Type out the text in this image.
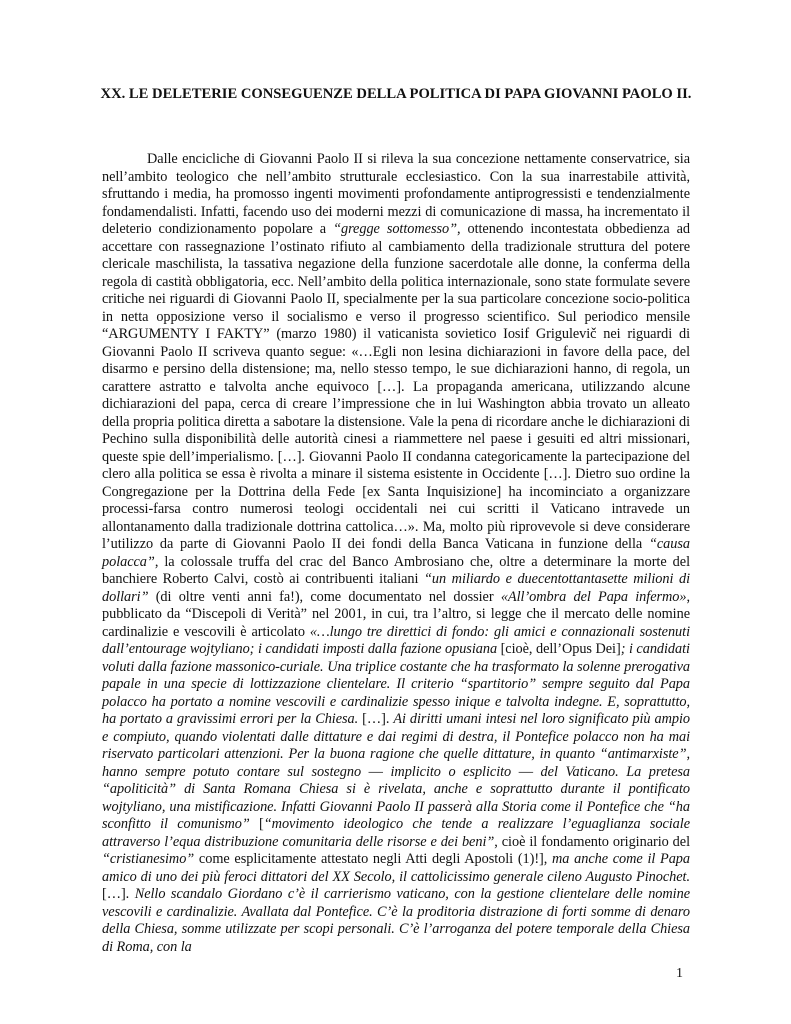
XX. LE DELETERIE CONSEGUENZE DELLA POLITICA DI PAPA GIOVANNI PAOLO II.

Dalle encicliche di Giovanni Paolo II si rileva la sua concezione nettamente conservatrice, sia nell’ambito teologico che nell’ambito strutturale ecclesiastico. Con la sua inarrestabile attività, sfruttando i media, ha promosso ingenti movimenti profondamente antiprogressisti e tendenzialmente fondamendalisti. Infatti, facendo uso dei moderni mezzi di comunicazione di massa, ha incrementato il deleterio condizionamento popolare a “gregge sottomesso”, ottenendo incontestata obbedienza ad accettare con rassegnazione l’ostinato rifiuto al cambiamento della tradizionale struttura del potere clericale maschilista, la tassativa negazione della funzione sacerdotale alle donne, la conferma della regola di castità obbligatoria, ecc. Nell’ambito della politica internazionale, sono state formulate severe critiche nei riguardi di Giovanni Paolo II, specialmente per la sua particolare concezione socio-politica in netta opposizione verso il socialismo e verso il progresso scientifico. Sul periodico mensile “ARGUMENTY I FAKTY” (marzo 1980) il vaticanista sovietico Iosif Grigulevič nei riguardi di Giovanni Paolo II scriveva quanto segue: «…Egli non lesina dichiarazioni in favore della pace, del disarmo e persino della distensione; ma, nello stesso tempo, le sue dichiarazioni hanno, di regola, un carattere astratto e talvolta anche equivoco […]. La propaganda americana, utilizzando alcune dichiarazioni del papa, cerca di creare l’impressione che in lui Washington abbia trovato un alleato della propria politica diretta a sabotare la distensione. Vale la pena di ricordare anche le dichiarazioni di Pechino sulla disponibilità delle autorità cinesi a riammettere nel paese i gesuiti ed altri missionari, queste spie dell’imperialismo. […]. Giovanni Paolo II condanna categoricamente la partecipazione del clero alla politica se essa è rivolta a minare il sistema esistente in Occidente […]. Dietro suo ordine la Congregazione per la Dottrina della Fede [ex Santa Inquisizione] ha incominciato a organizzare processi-farsa contro numerosi teologi occidentali nei cui scritti il Vaticano intravede un allontanamento dalla tradizionale dottrina cattolica…». Ma, molto più riprovevole si deve considerare l’utilizzo da parte di Giovanni Paolo II dei fondi della Banca Vaticana in funzione della “causa polacca”, la colossale truffa del crac del Banco Ambrosiano che, oltre a determinare la morte del banchiere Roberto Calvi, costò ai contribuenti italiani “un miliardo e duecentottantasette milioni di dollari” (di oltre venti anni fa!), come documentato nel dossier «All’ombra del Papa infermo», pubblicato da “Discepoli di Verità” nel 2001, in cui, tra l’altro, si legge che il mercato delle nomine cardinalizie e vescovili è articolato «…lungo tre direttici di fondo: gli amici e connazionali sostenuti dall’entourage wojtyliano; i candidati imposti dalla fazione opusiana [cioè, dell’Opus Dei]; i candidati voluti dalla fazione massonico-curiale. Una triplice costante che ha trasformato la solenne prerogativa papale in una specie di lottizzazione clientelare. Il criterio “spartitorio” sempre seguito dal Papa polacco ha portato a nomine vescovili e cardinalizie spesso inique e talvolta indegne. E, soprattutto, ha portato a gravissimi errori per la Chiesa. […]. Ai diritti umani intesi nel loro significato più ampio e compiuto, quando violentati dalle dittature e dai regimi di destra, il Pontefice polacco non ha mai riservato particolari attenzioni. Per la buona ragione che quelle dittature, in quanto “antimarxiste”, hanno sempre potuto contare sul sostegno ― implicito o esplicito ― del Vaticano. La pretesa “apoliticità” di Santa Romana Chiesa si è rivelata, anche e soprattutto durante il pontificato wojtyliano, una mistificazione. Infatti Giovanni Paolo II passerà alla Storia come il Pontefice che “ha sconfitto il comunismo” [“movimento ideologico che tende a realizzare l’eguaglianza sociale attraverso l’equa distribuzione comunitaria delle risorse e dei beni”, cioè il fondamento originario del “cristianesimo” come esplicitamente attestato negli Atti degli Apostoli (1)!], ma anche come il Papa amico di uno dei più feroci dittatori del XX Secolo, il cattolicissimo generale cileno Augusto Pinochet. […]. Nello scandalo Giordano c’è il carrierismo vaticano, con la gestione clientelare delle nomine vescovili e cardinalizie. Avallata dal Pontefice. C’è la proditoria distrazione di forti somme di denaro della Chiesa, somme utilizzate per scopi personali. C’è l’arroganza del potere temporale della Chiesa di Roma, con la

1
